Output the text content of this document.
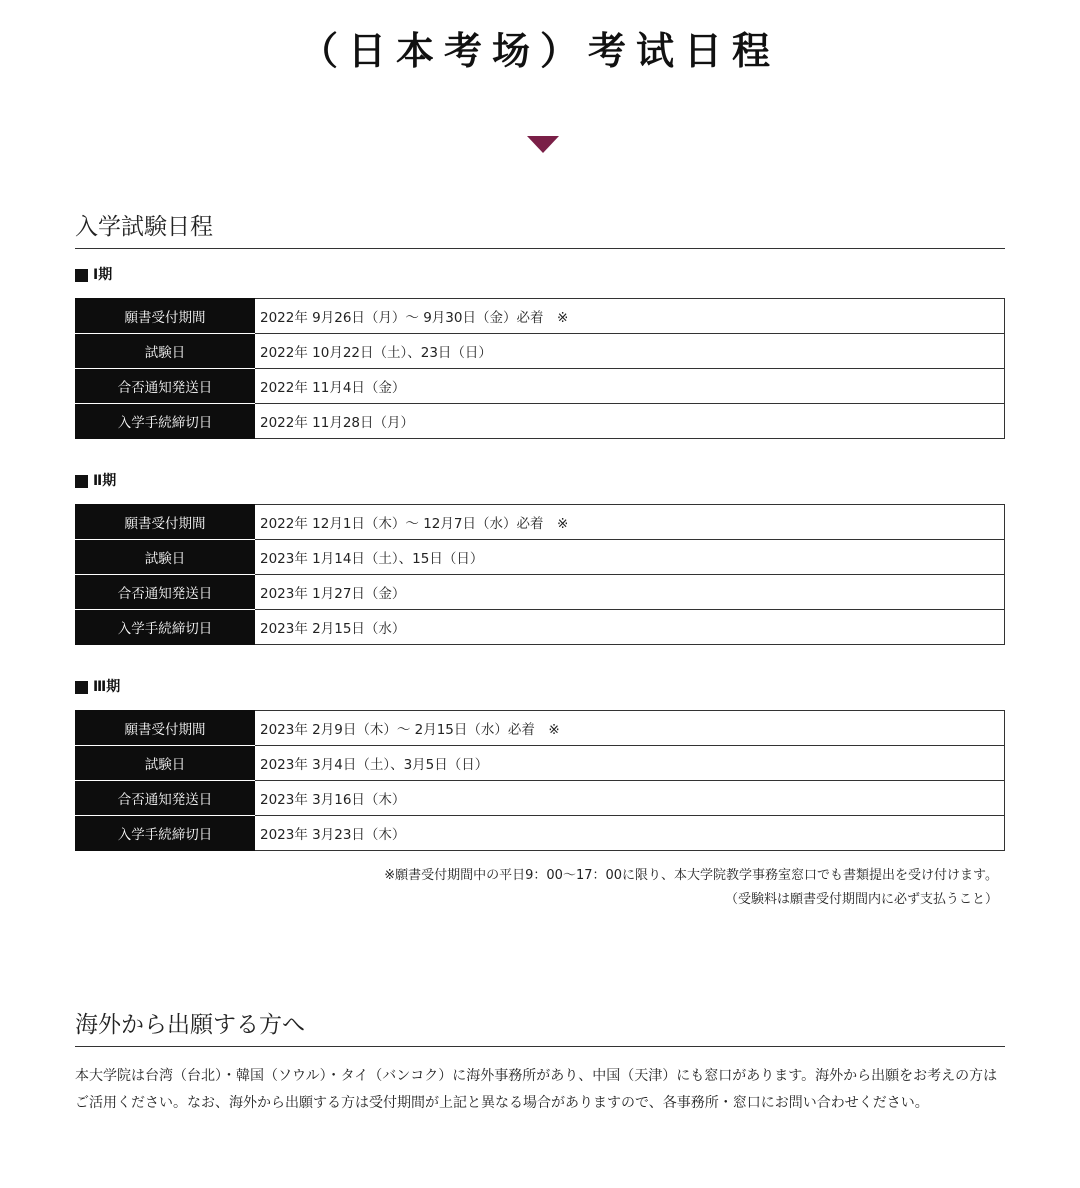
（日本考场）考试日程
入学試験日程
Ⅰ期
願書受付期間	2022年 9月26日（月）～ 9月30日（金）必着　※
試験日	2022年 10月22日（土）、23日（日）
合否通知発送日	2022年 11月4日（金）
入学手続締切日	2022年 11月28日（月）
Ⅱ期
願書受付期間	2022年 12月1日（木）～ 12月7日（水）必着　※
試験日	2023年 1月14日（土）、15日（日）
合否通知発送日	2023年 1月27日（金）
入学手続締切日	2023年 2月15日（水）
Ⅲ期
願書受付期間	2023年 2月9日（木）～ 2月15日（水）必着　※
試験日	2023年 3月4日（土）、3月5日（日）
合否通知発送日	2023年 3月16日（木）
入学手続締切日	2023年 3月23日（木）
※願書受付期間中の平日9：00～17：00に限り、本大学院教学事務室窓口でも書類提出を受け付けます。
（受験料は願書受付期間内に必ず支払うこと）
海外から出願する方へ
本大学院は台湾（台北）・韓国（ソウル）・タイ（バンコク）に海外事務所があり、中国（天津）にも窓口があります。海外から出願をお考えの方はご活用ください。なお、海外から出願する方は受付期間が上記と異なる場合がありますので、各事務所・窓口にお問い合わせください。
